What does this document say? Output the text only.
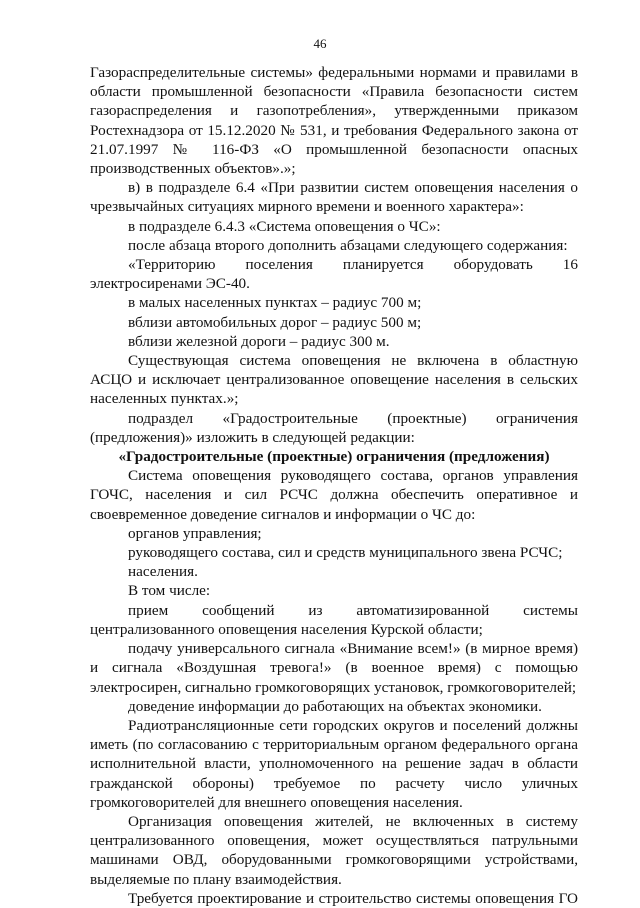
46

Газораспределительные системы» федеральными нормами и правилами в области промышленной безопасности «Правила безопасности систем газораспределения и газопотребления», утвержденными приказом Ростехнадзора от 15.12.2020 № 531, и требования Федерального закона от 21.07.1997 № 116-ФЗ «О промышленной безопасности опасных производственных объектов».»;

в) в подразделе 6.4 «При развитии систем оповещения населения о чрезвычайных ситуациях мирного времени и военного характера»:

в подразделе 6.4.3 «Система оповещения о ЧС»:

после абзаца второго дополнить абзацами следующего содержания:

«Территорию поселения планируется оборудовать 16 электросиренами ЭС-40.

в малых населенных пунктах – радиус 700 м;

вблизи автомобильных дорог – радиус 500 м;

вблизи железной дороги – радиус 300 м.

Существующая система оповещения не включена в областную АСЦО и исключает централизованное оповещение населения в сельских населенных пунктах.»;

подраздел «Градостроительные (проектные) ограничения (предложения)» изложить в следующей редакции:

«Градостроительные (проектные) ограничения (предложения)

Система оповещения руководящего состава, органов управления ГОЧС, населения и сил РСЧС должна обеспечить оперативное и своевременное доведение сигналов и информации о ЧС до:

органов управления;

руководящего состава, сил и средств муниципального звена РСЧС;

населения.

В том числе:

прием сообщений из автоматизированной системы централизованного оповещения населения Курской области;

подачу универсального сигнала «Внимание всем!» (в мирное время) и сигнала «Воздушная тревога!» (в военное время) с помощью электросирен, сигнально громкоговорящих установок, громкоговорителей;

доведение информации до работающих на объектах экономики.

Радиотрансляционные сети городских округов и поселений должны иметь (по согласованию с территориальным органом федерального органа исполнительной власти, уполномоченного на решение задач в области гражданской обороны) требуемое по расчету число уличных громкоговорителей для внешнего оповещения населения.

Организация оповещения жителей, не включенных в систему централизованного оповещения, может осуществляться патрульными машинами ОВД, оборудованными громкоговорящими устройствами, выделяемые по плану взаимодействия.

Требуется проектирование и строительство системы оповещения ГО
